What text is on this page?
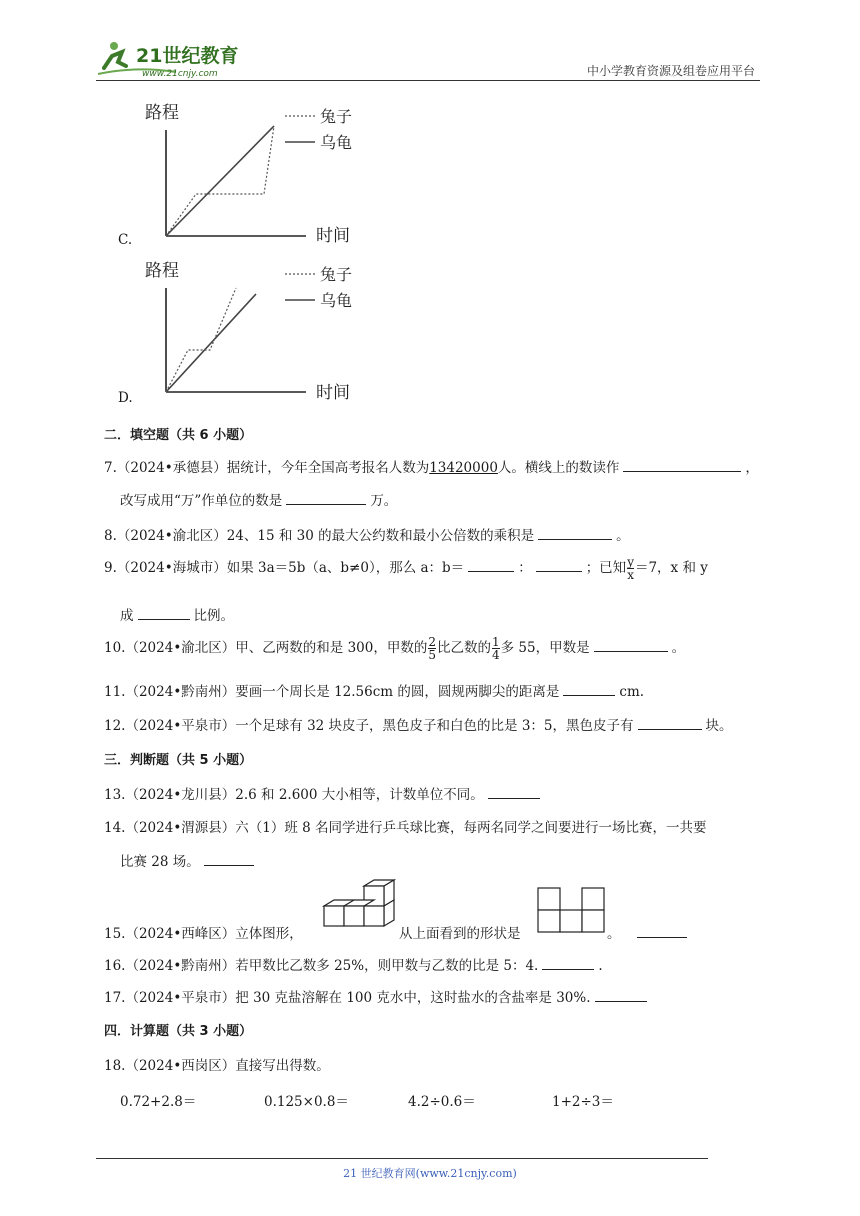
21世纪教育
www.21cnjy.com	中小学教育资源及组卷应用平台
C.
路程
时间
兔子
乌龟
D.
路程
时间
兔子
乌龟
二．填空题（共 6 小题）
7.（2024•承德县）据统计，今年全国高考报名人数为13420000人。横线上的数读作	，
改写成用“万”作单位的数是	万。
8.（2024•渝北区）24、15 和 30 的最大公约数和最小公倍数的乘积是	。
9.（2024•海城市）如果 3a＝5b（a、b≠0），那么 a：b＝	：	；已知 $\frac{y}{x} =7$，x 和 y
成	比例。
10.（2024•渝北区）甲、乙两数的和是 300，甲数的 $\frac{2}{5}$ 比乙数的 $\frac{1}{4}$ 多 55，甲数是	。
11.（2024•黔南州）要画一个周长是 12.56cm 的圆，圆规两脚尖的距离是	cm.
12.（2024•平泉市）一个足球有 32 块皮子，黑色皮子和白色的比是 3：5，黑色皮子有	块。
三．判断题（共 5 小题）
13.（2024•龙川县）2.6 和 2.600 大小相等，计数单位不同。
14.（2024•渭源县）六（1）班 8 名同学进行乒乓球比赛，每两名同学之间要进行一场比赛，一共要
比赛 28 场。
15.（2024•西峰区）立体图形，	从上面看到的形状是	。
16.（2024•黔南州）若甲数比乙数多 25%，则甲数与乙数的比是 5：4.	.
17.（2024•平泉市）把 30 克盐溶解在 100 克水中，这时盐水的含盐率是 30%.
四．计算题（共 3 小题）
18.（2024•西岗区）直接写出得数。
0.72+2.8＝	0.125×0.8＝	4.2÷0.6＝	1+2÷3＝
21 世纪教育网(www.21cnjy.com)
